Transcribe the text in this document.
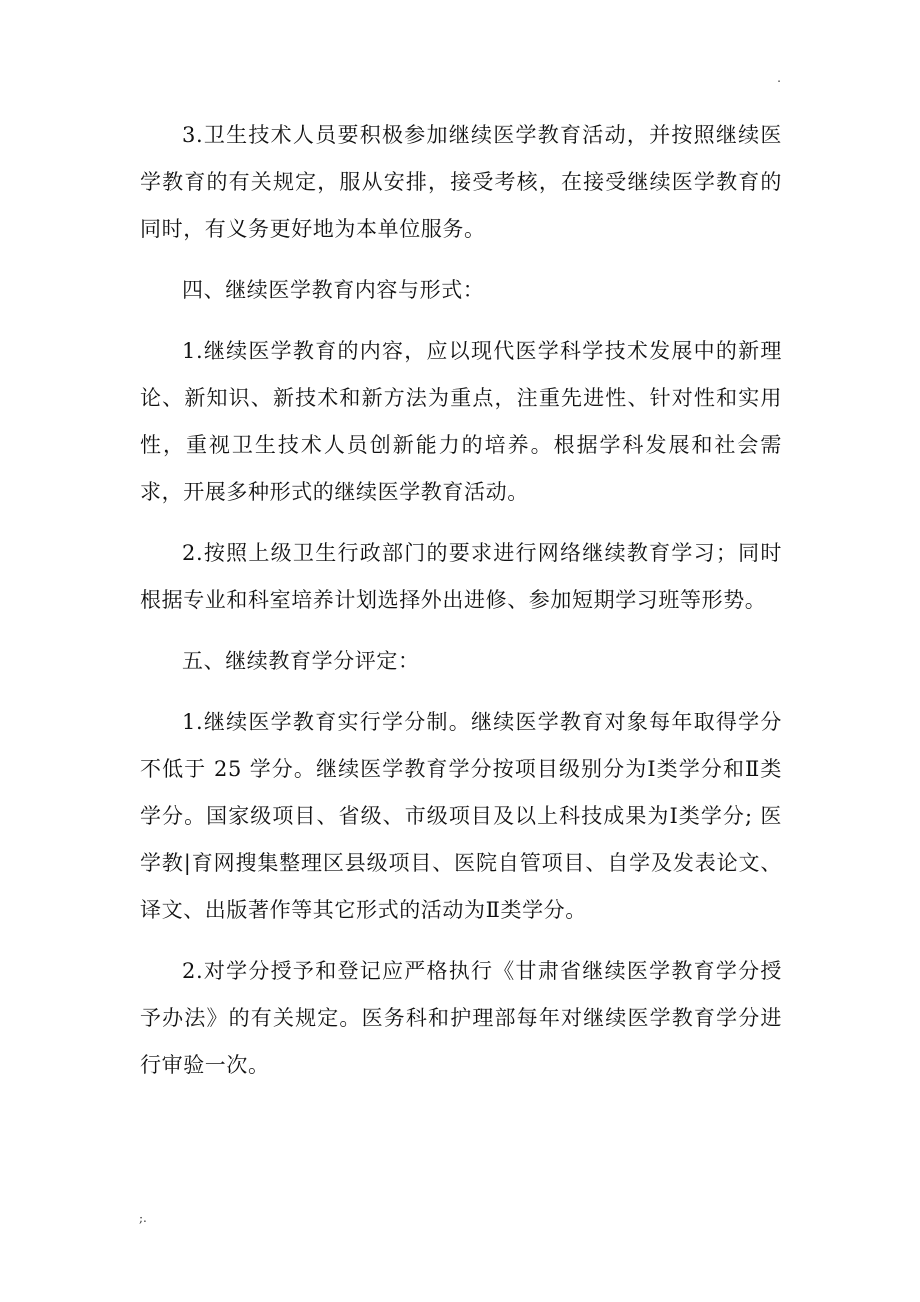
.

3.卫生技术人员要积极参加继续医学教育活动，并按照继续医学教育的有关规定，服从安排，接受考核，在接受继续医学教育的同时，有义务更好地为本单位服务。

四、继续医学教育内容与形式：

1.继续医学教育的内容，应以现代医学科学技术发展中的新理论、新知识、新技术和新方法为重点，注重先进性、针对性和实用性，重视卫生技术人员创新能力的培养。根据学科发展和社会需求，开展多种形式的继续医学教育活动。

2.按照上级卫生行政部门的要求进行网络继续教育学习；同时根据专业和科室培养计划选择外出进修、参加短期学习班等形势。

五、继续教育学分评定：

1.继续医学教育实行学分制。继续医学教育对象每年取得学分不低于 25 学分。继续医学教育学分按项目级别分为Ⅰ类学分和Ⅱ类学分。国家级项目、省级、市级项目及以上科技成果为Ⅰ类学分; 医学教|育网搜集整理区县级项目、医院自管项目、自学及发表论文、译文、出版著作等其它形式的活动为Ⅱ类学分。

2.对学分授予和登记应严格执行《甘肃省继续医学教育学分授予办法》的有关规定。医务科和护理部每年对继续医学教育学分进行审验一次。

;.
